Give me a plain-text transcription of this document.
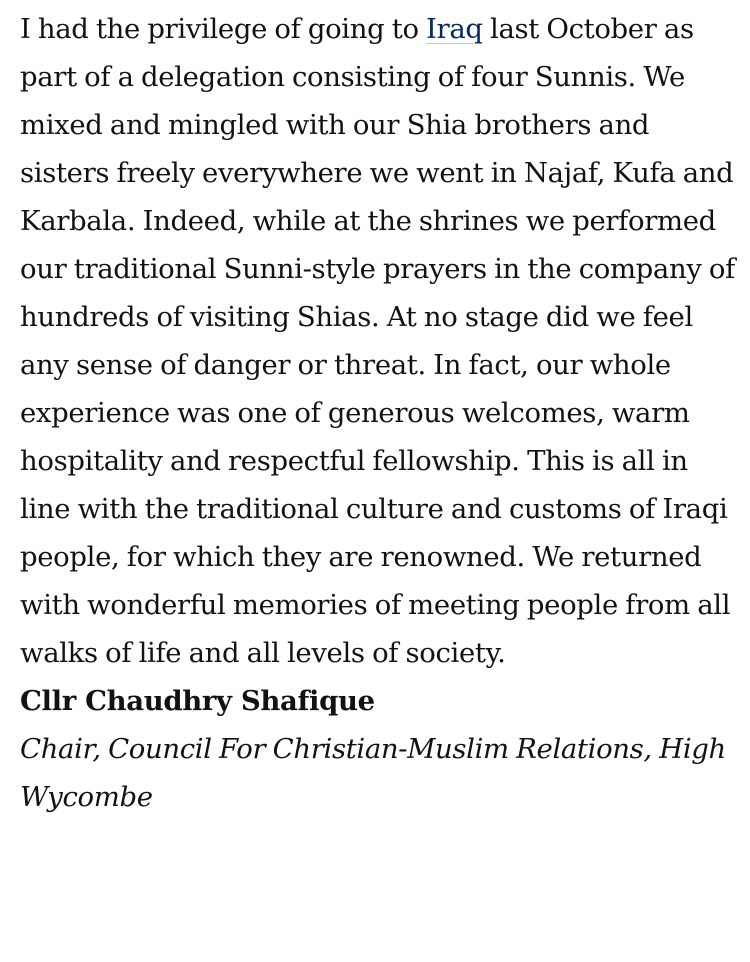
I had the privilege of going to Iraq last October as part of a delegation consisting of four Sunnis. We mixed and mingled with our Shia brothers and sisters freely everywhere we went in Najaf, Kufa and Karbala. Indeed, while at the shrines we performed our traditional Sunni-style prayers in the company of hundreds of visiting Shias. At no stage did we feel any sense of danger or threat. In fact, our whole experience was one of generous welcomes, warm hospitality and respectful fellowship. This is all in line with the traditional culture and customs of Iraqi people, for which they are renowned. We returned with wonderful memories of meeting people from all walks of life and all levels of society.

Cllr Chaudhry Shafique

Chair, Council For Christian-Muslim Relations, High Wycombe
